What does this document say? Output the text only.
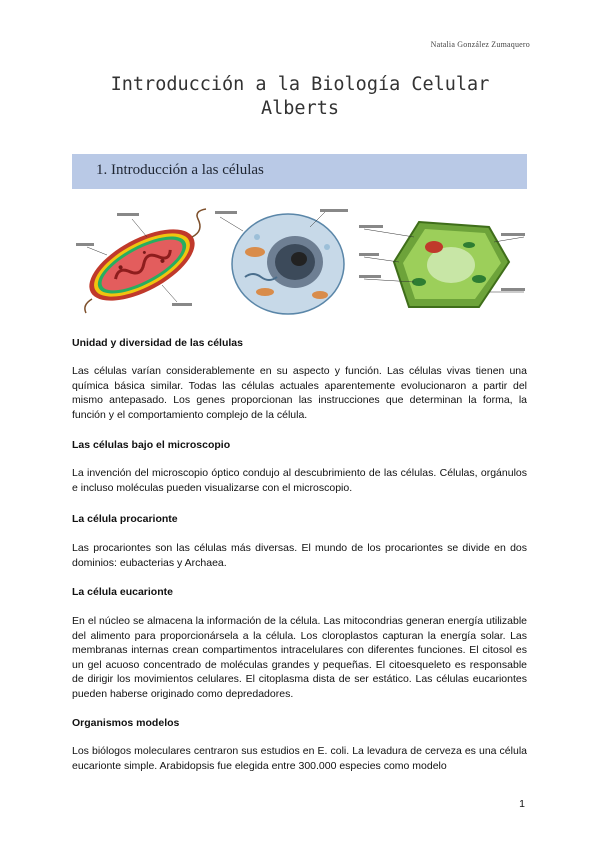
Natalia González Zumaquero
Introducción a la Biología Celular
Alberts
1. Introducción a las células
Unidad y diversidad de las células
Las células varían considerablemente en su aspecto y función. Las células vivas tienen una química básica similar. Todas las células actuales aparentemente evolucionaron a partir del mismo antepasado. Los genes proporcionan las instrucciones que determinan la forma, la función y el comportamiento complejo de la célula.
Las células bajo el microscopio
La invención del microscopio óptico condujo al descubrimiento de las células. Células, orgánulos e incluso moléculas pueden visualizarse con el microscopio.
La célula procarionte
Las procariontes son las células más diversas. El mundo de los procariontes se divide en dos dominios: eubacterias y Archaea.
La célula eucarionte
En el núcleo se almacena la información de la célula. Las mitocondrias generan energía utilizable del alimento para proporcionársela a la célula. Los cloroplastos capturan la energía solar. Las membranas internas crean compartimentos intracelulares con diferentes funciones. El citosol es un gel acuoso concentrado de moléculas grandes y pequeñas. El citoesqueleto es responsable de dirigir los movimientos celulares. El citoplasma dista de ser estático. Las células eucariontes pueden haberse originado como depredadores.
Organismos modelos
Los biólogos moleculares centraron sus estudios en E. coli. La levadura de cerveza es una célula eucarionte simple. Arabidopsis fue elegida entre 300.000 especies como modelo
1
